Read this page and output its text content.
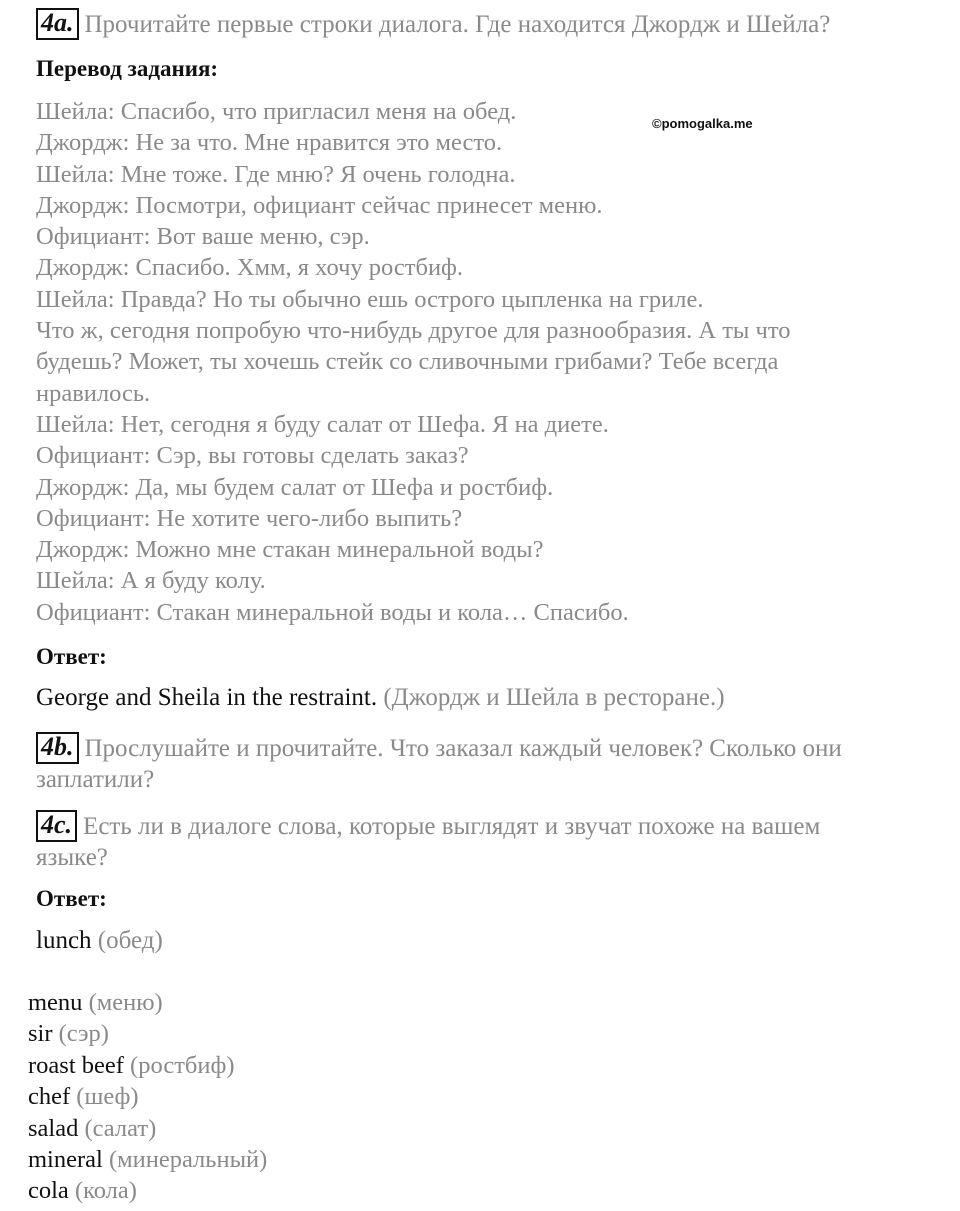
4a. Прочитайте первые строки диалога. Где находится Джордж и Шейла?
Перевод задания:
©pomogalka.me
Шейла: Спасибо, что пригласил меня на обед.
Джордж: Не за что. Мне нравится это место.
Шейла: Мне тоже. Где мню? Я очень голодна.
Джордж: Посмотри, официант сейчас принесет меню.
Официант: Вот ваше меню, сэр.
Джордж: Спасибо. Хмм, я хочу ростбиф.
Шейла: Правда? Но ты обычно ешь острого цыпленка на гриле.
Что ж, сегодня попробую что-нибудь другое для разнообразия. А ты что
будешь? Может, ты хочешь стейк со сливочными грибами? Тебе всегда
нравилось.
Шейла: Нет, сегодня я буду салат от Шефа. Я на диете.
Официант: Сэр, вы готовы сделать заказ?
Джордж: Да, мы будем салат от Шефа и ростбиф.
Официант: Не хотите чего-либо выпить?
Джордж: Можно мне стакан минеральной воды?
Шейла: А я буду колу.
Официант: Стакан минеральной воды и кола… Спасибо.
Ответ:
George and Sheila in the restraint. (Джордж и Шейла в ресторане.)
4b. Прослушайте и прочитайте. Что заказал каждый человек? Сколько они
заплатили?
4c. Есть ли в диалоге слова, которые выглядят и звучат похоже на вашем
языке?
Ответ:
lunch (обед)
menu (меню)
sir (сэр)
roast beef (ростбиф)
chef (шеф)
salad (салат)
mineral (минеральный)
cola (кола)
